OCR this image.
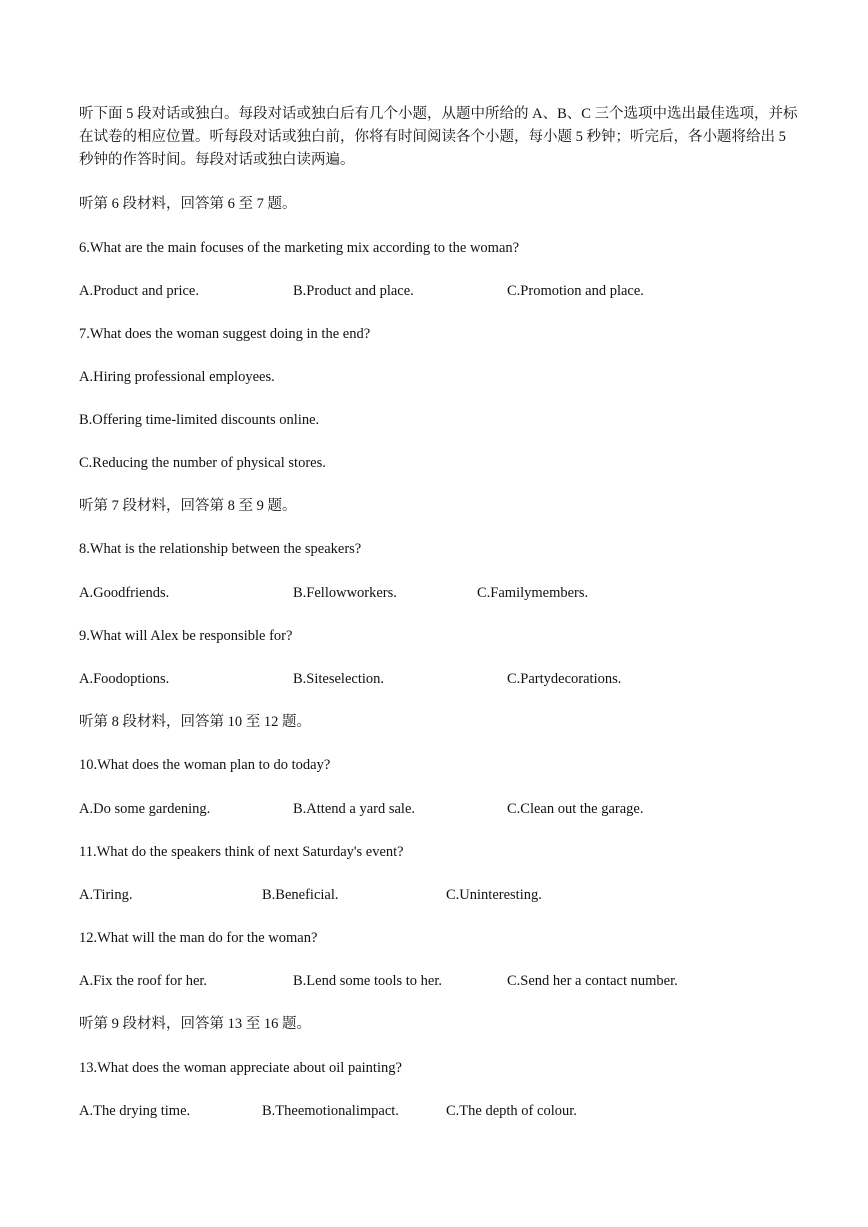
听下面 5 段对话或独白。每段对话或独白后有几个小题，从题中所给的 A、B、C 三个选项中选出最佳选项，并标在试卷的相应位置。听每段对话或独白前，你将有时间阅读各个小题，每小题 5 秒钟；听完后，各小题将给出 5 秒钟的作答时间。每段对话或独白读两遍。
听第 6 段材料，回答第 6 至 7 题。
6.What are the main focuses of the marketing mix according to the woman?
A.Product and price.	B.Product and place.	C.Promotion and place.
7.What does the woman suggest doing in the end?
A.Hiring professional employees.
B.Offering time-limited discounts online.
C.Reducing the number of physical stores.
听第 7 段材料，回答第 8 至 9 题。
8.What is the relationship between the speakers?
A.Goodfriends.	B.Fellowworkers.	C.Familymembers.
9.What will Alex be responsible for?
A.Foodoptions.	B.Siteselection.	C.Partydecorations.
听第 8 段材料，回答第 10 至 12 题。
10.What does the woman plan to do today?
A.Do some gardening.	B.Attend a yard sale.	C.Clean out the garage.
11.What do the speakers think of next Saturday's event?
A.Tiring.	B.Beneficial.	C.Uninteresting.
12.What will the man do for the woman?
A.Fix the roof for her.	B.Lend some tools to her.	C.Send her a contact number.
听第 9 段材料，回答第 13 至 16 题。
13.What does the woman appreciate about oil painting?
A.The drying time.	B.Theemotionalimpact.	C.The depth of colour.
